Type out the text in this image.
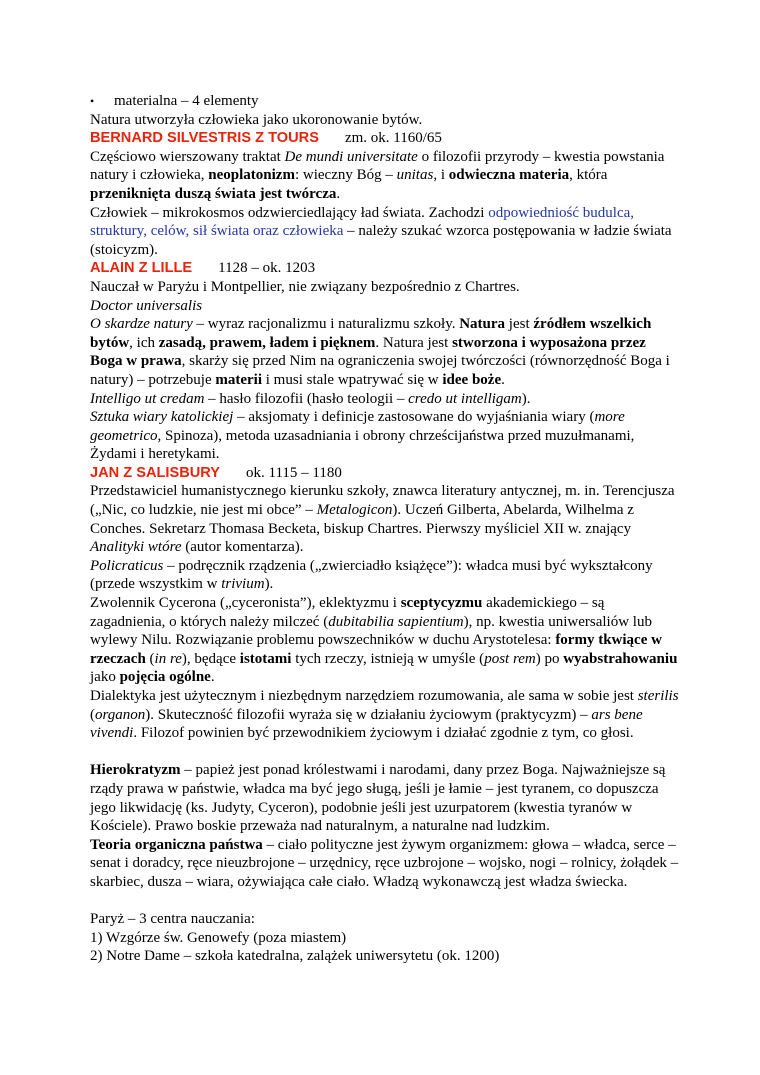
•	materialna – 4 elementy

Natura utworzyła człowieka jako ukoronowanie bytów.

BERNARD SILVESTRIS Z TOURS zm. ok. 1160/65

Częściowo wierszowany traktat De mundi universitate o filozofii przyrody – kwestia powstania natury i człowieka, neoplatonizm: wieczny Bóg – unitas, i odwieczna materia, która przeniknięta duszą świata jest twórcza.

Człowiek – mikrokosmos odzwierciedlający ład świata. Zachodzi odpowiedniość budulca, struktury, celów, sił świata oraz człowieka – należy szukać wzorca postępowania w ładzie świata (stoicyzm).

ALAIN Z LILLE 1128 – ok. 1203

Nauczał w Paryżu i Montpellier, nie związany bezpośrednio z Chartres.

Doctor universalis

O skardze natury – wyraz racjonalizmu i naturalizmu szkoły. Natura jest źródłem wszelkich bytów, ich zasadą, prawem, ładem i pięknem. Natura jest stworzona i wyposażona przez Boga w prawa, skarży się przed Nim na ograniczenia swojej twórczości (równorzędność Boga i natury) – potrzebuje materii i musi stale wpatrywać się w idee boże.

Intelligo ut credam – hasło filozofii (hasło teologii – credo ut intelligam).

Sztuka wiary katolickiej – aksjomaty i definicje zastosowane do wyjaśniania wiary (more geometrico, Spinoza), metoda uzasadniania i obrony chrześcijaństwa przed muzułmanami, Żydami i heretykami.

JAN Z SALISBURY ok. 1115 – 1180

Przedstawiciel humanistycznego kierunku szkoły, znawca literatury antycznej, m. in. Terencjusza („Nic, co ludzkie, nie jest mi obce” – Metalogicon). Uczeń Gilberta, Abelarda, Wilhelma z Conches. Sekretarz Thomasa Becketa, biskup Chartres. Pierwszy myśliciel XII w. znający Analityki wtóre (autor komentarza).

Policraticus – podręcznik rządzenia („zwierciadło książęce”): władca musi być wykształcony (przede wszystkim w trivium).

Zwolennik Cycerona („cyceronista”), eklektyzmu i sceptycyzmu akademickiego – są zagadnienia, o których należy milczeć (dubitabilia sapientium), np. kwestia uniwersaliów lub wylewy Nilu. Rozwiązanie problemu powszechników w duchu Arystotelesa: formy tkwiące w rzeczach (in re), będące istotami tych rzeczy, istnieją w umyśle (post rem) po wyabstrahowaniu jako pojęcia ogólne.

Dialektyka jest użytecznym i niezbędnym narzędziem rozumowania, ale sama w sobie jest sterilis (organon). Skuteczność filozofii wyraża się w działaniu życiowym (praktycyzm) – ars bene vivendi. Filozof powinien być przewodnikiem życiowym i działać zgodnie z tym, co głosi.

Hierokratyzm – papież jest ponad królestwami i narodami, dany przez Boga. Najważniejsze są rządy prawa w państwie, władca ma być jego sługą, jeśli je łamie – jest tyranem, co dopuszcza jego likwidację (ks. Judyty, Cyceron), podobnie jeśli jest uzurpatorem (kwestia tyranów w Kościele). Prawo boskie przeważa nad naturalnym, a naturalne nad ludzkim.

Teoria organiczna państwa – ciało polityczne jest żywym organizmem: głowa – władca, serce – senat i doradcy, ręce nieuzbrojone – urzędnicy, ręce uzbrojone – wojsko, nogi – rolnicy, żołądek – skarbiec, dusza – wiara, ożywiająca całe ciało. Władzą wykonawczą jest władza świecka.

Paryż – 3 centra nauczania:

1) Wzgórze św. Genowefy (poza miastem)

2) Notre Dame – szkoła katedralna, zalążek uniwersytetu (ok. 1200)
